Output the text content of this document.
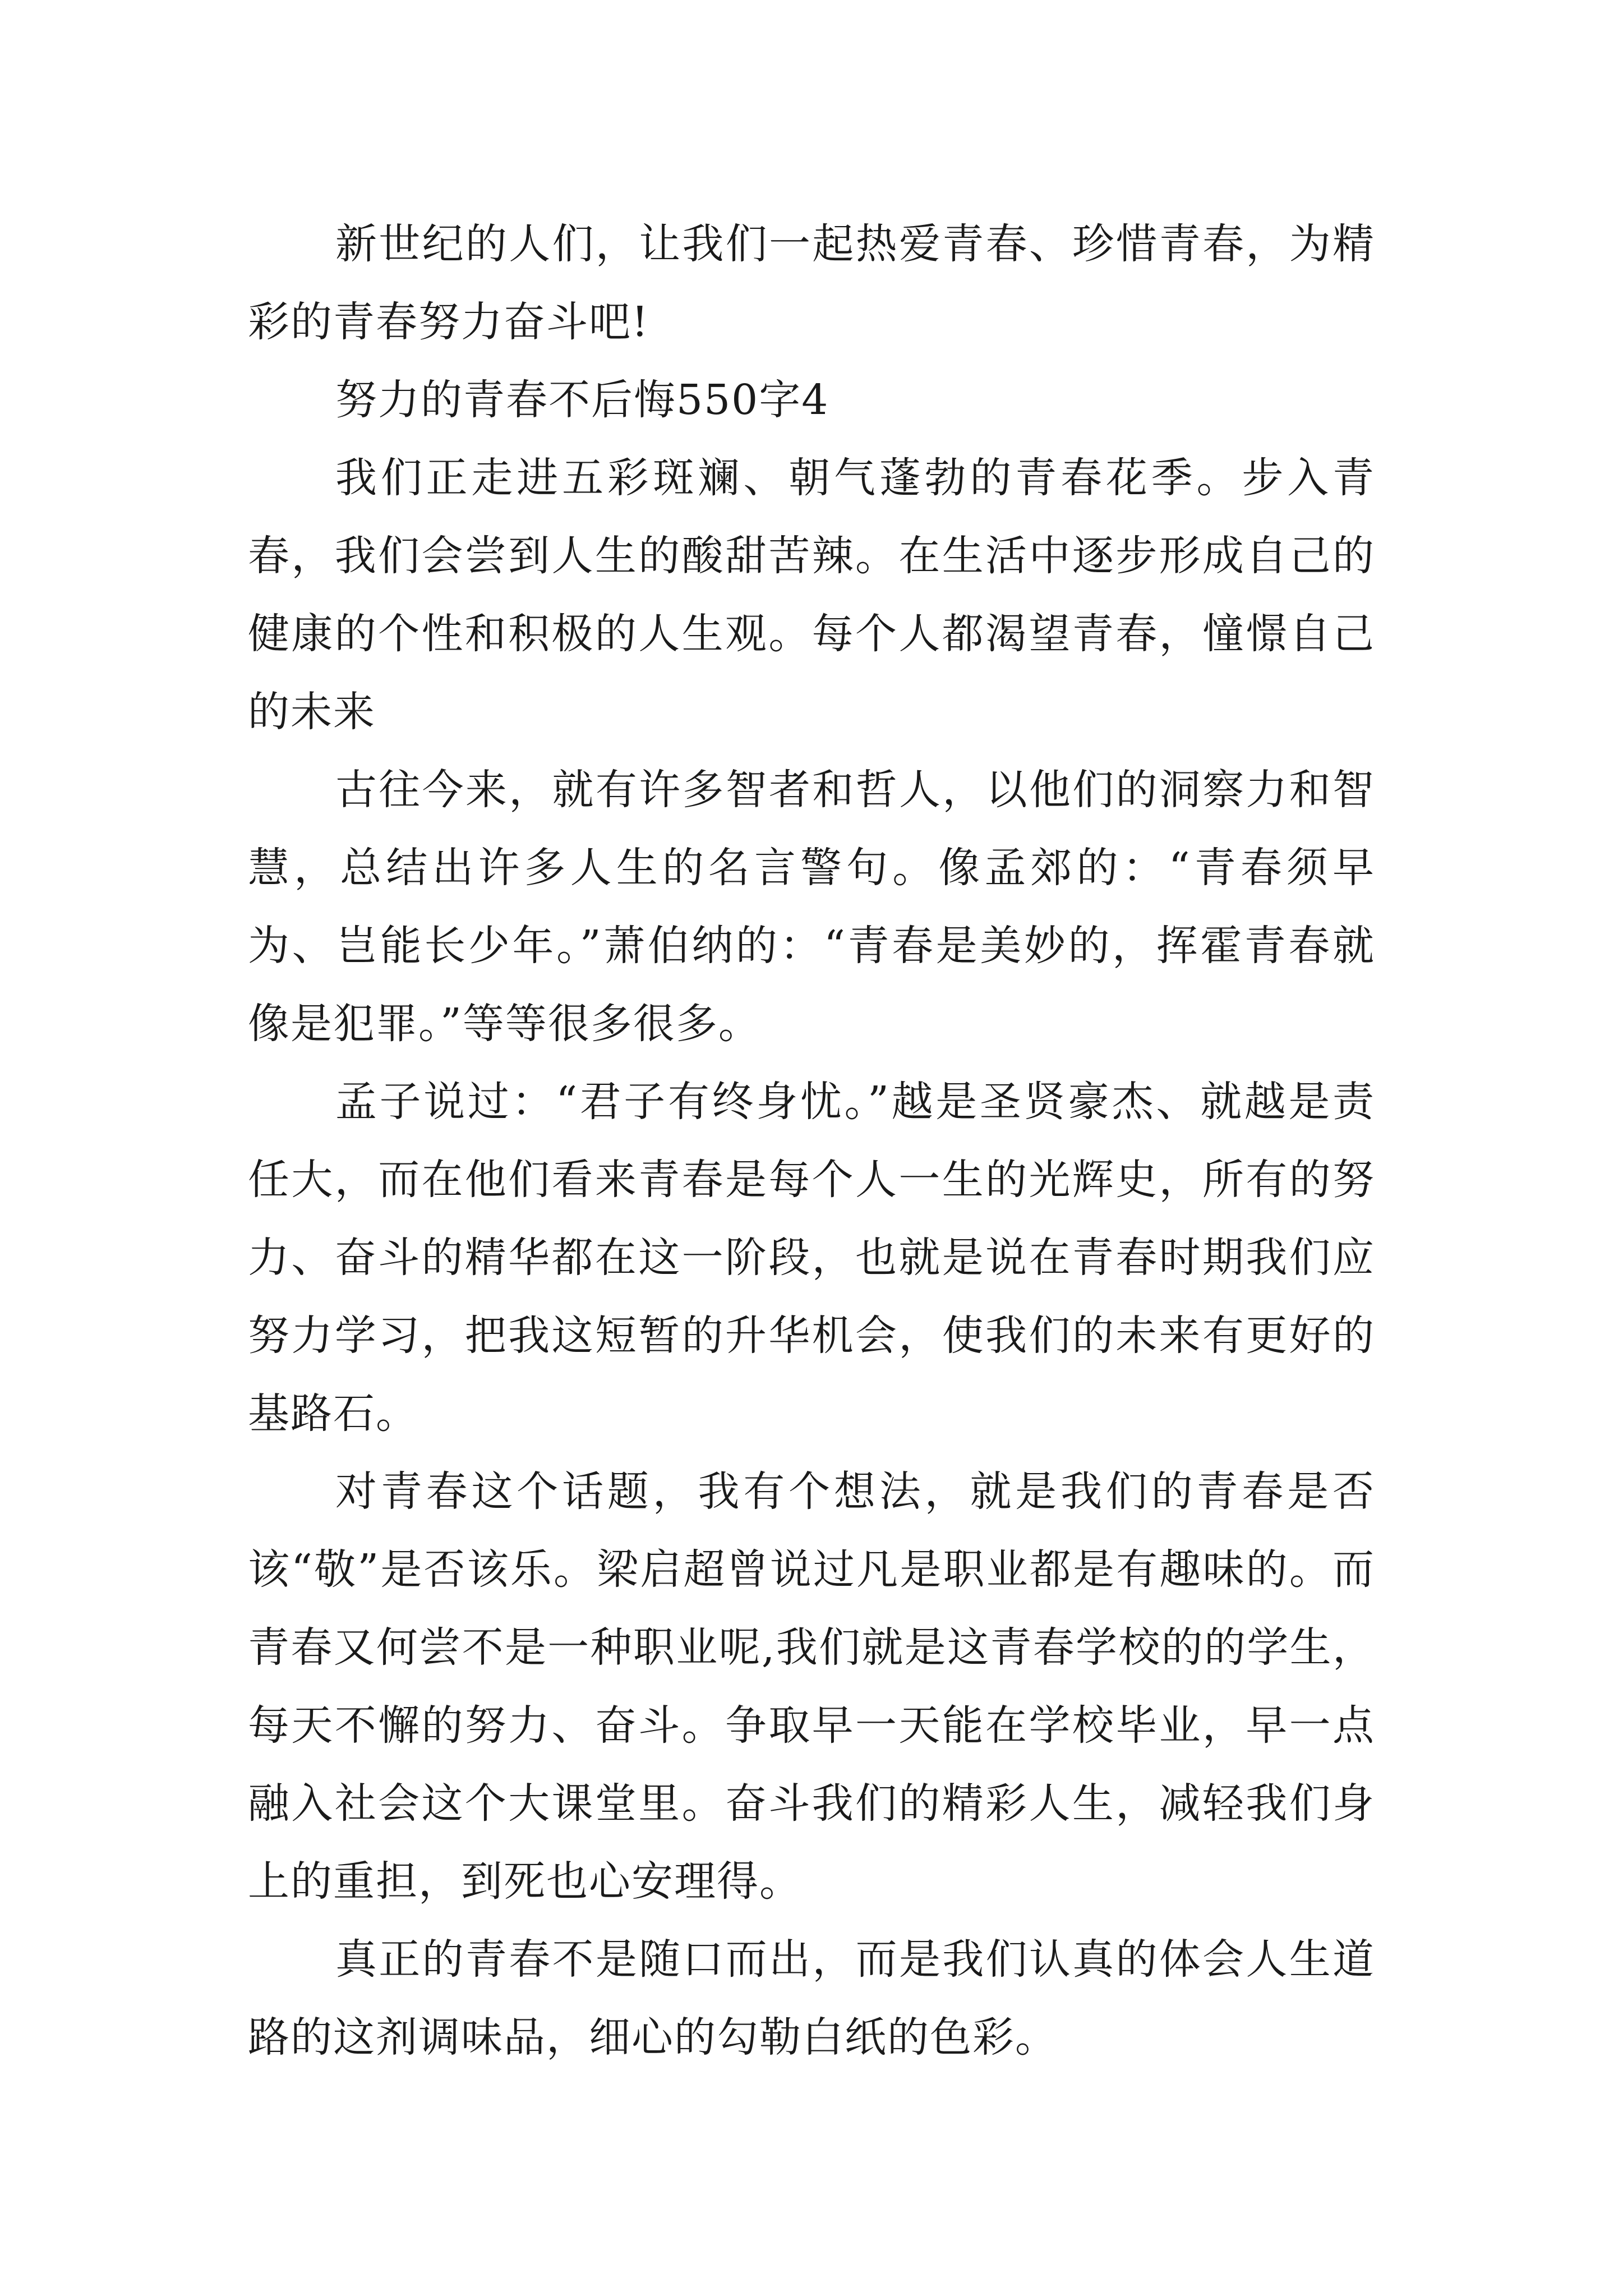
新世纪的人们，让我们一起热爱青春、珍惜青春，为精彩的青春努力奋斗吧!

努力的青春不后悔550字4

我们正走进五彩斑斓、朝气蓬勃的青春花季。步入青春，我们会尝到人生的酸甜苦辣。在生活中逐步形成自己的健康的个性和积极的人生观。每个人都渴望青春，憧憬自己的未来

古往今来，就有许多智者和哲人，以他们的洞察力和智慧，总结出许多人生的名言警句。像孟郊的：“青春须早为、岂能长少年。”萧伯纳的：“青春是美妙的，挥霍青春就像是犯罪。”等等很多很多。

孟子说过：“君子有终身忧。”越是圣贤豪杰、就越是责任大，而在他们看来青春是每个人一生的光辉史，所有的努力、奋斗的精华都在这一阶段，也就是说在青春时期我们应努力学习，把我这短暂的升华机会，使我们的未来有更好的基路石。

对青春这个话题，我有个想法，就是我们的青春是否该“敬”是否该乐。梁启超曾说过凡是职业都是有趣味的。而青春又何尝不是一种职业呢,我们就是这青春学校的的学生，每天不懈的努力、奋斗。争取早一天能在学校毕业，早一点融入社会这个大课堂里。奋斗我们的精彩人生，减轻我们身上的重担，到死也心安理得。

真正的青春不是随口而出，而是我们认真的体会人生道路的这剂调味品，细心的勾勒白纸的色彩。
